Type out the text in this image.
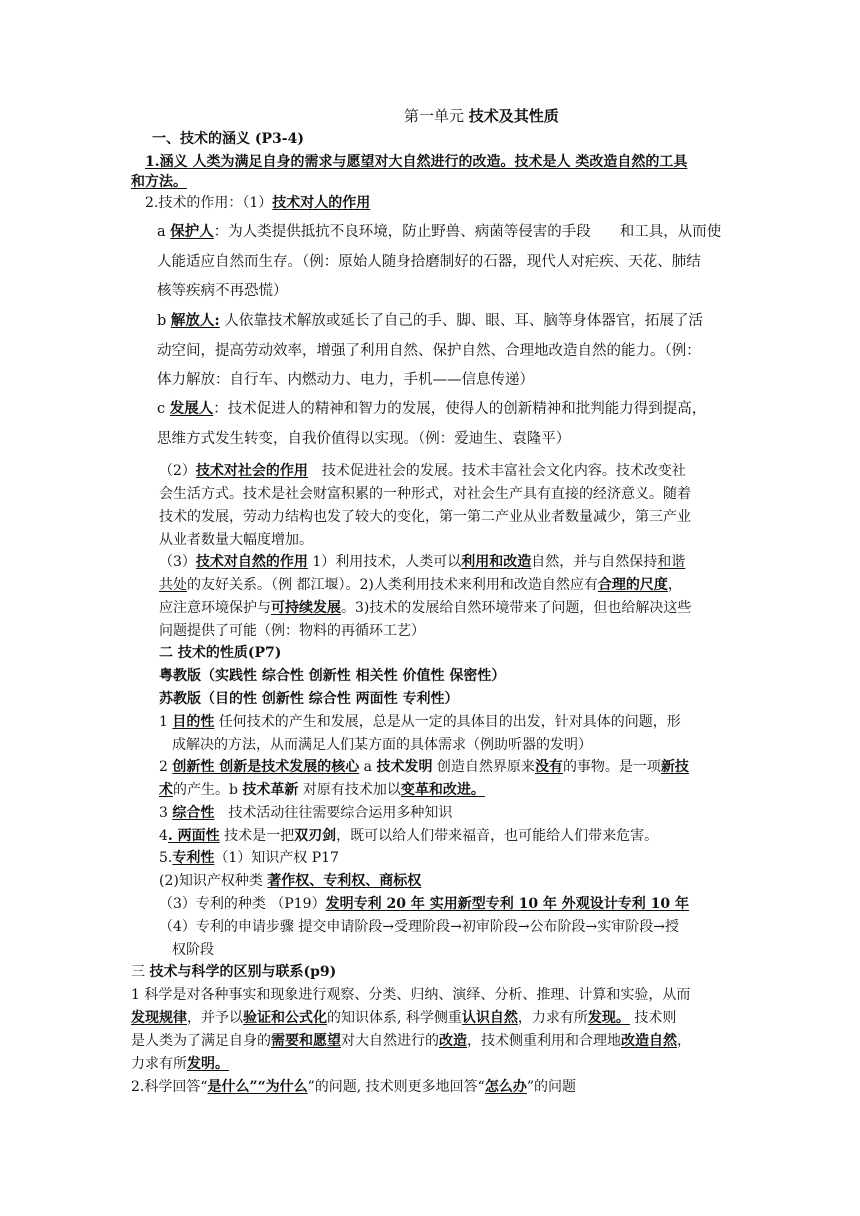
第一单元 技术及其性质
一、技术的涵义 (P3-4)
1.涵义 人类为满足自身的需求与愿望对大自然进行的改造。技术是人 类改造自然的工具
和方法。
2.技术的作用：（1）技术对人的作用
a 保护人：为人类提供抵抗不良环境，防止野兽、病菌等侵害的手段　　和工具，从而使
人能适应自然而生存。（例：原始人随身拾磨制好的石器，现代人对疟疾、天花、肺结
核等疾病不再恐慌）
b 解放人: 人依靠技术解放或延长了自己的手、脚、眼、耳、脑等身体器官，拓展了活
动空间，提高劳动效率，增强了利用自然、保护自然、合理地改造自然的能力。（例：
体力解放：自行车、内燃动力、电力，手机——信息传递）
c 发展人：技术促进人的精神和智力的发展，使得人的创新精神和批判能力得到提高，
思维方式发生转变，自我价值得以实现。（例：爱迪生、袁隆平）
（2）技术对社会的作用　技术促进社会的发展。技术丰富社会文化内容。技术改变社
会生活方式。技术是社会财富积累的一种形式，对社会生产具有直接的经济意义。随着
技术的发展，劳动力结构也发了较大的变化，第一第二产业从业者数量减少，第三产业
从业者数量大幅度增加。
（3）技术对自然的作用 1）利用技术，人类可以利用和改造自然，并与自然保持和谐
共处的友好关系。（例 都江堰）。2)人类利用技术来利用和改造自然应有合理的尺度，
应注意环境保护与可持续发展。3)技术的发展给自然环境带来了问题，但也给解决这些
问题提供了可能（例：物料的再循环工艺）
二 技术的性质(P7)
粤教版（实践性 综合性 创新性 相关性 价值性 保密性）
苏教版（目的性 创新性 综合性 两面性 专利性）
1 目的性 任何技术的产生和发展，总是从一定的具体目的出发，针对具体的问题，形
成解决的方法，从而满足人们某方面的具体需求（例助听器的发明）
2 创新性 创新是技术发展的核心 a 技术发明 创造自然界原来没有的事物。是一项新技
术的产生。b 技术革新 对原有技术加以变革和改进。
3 综合性　技术活动往往需要综合运用多种知识
4. 两面性 技术是一把双刃剑，既可以给人们带来福音，也可能给人们带来危害。
5.专利性（1）知识产权 P17
(2)知识产权种类 著作权、专利权、商标权
（3）专利的种类 （P19）发明专利 20 年 实用新型专利 10 年 外观设计专利 10 年
（4）专利的申请步骤 提交申请阶段→受理阶段→初审阶段→公布阶段→实审阶段→授
权阶段
三 技术与科学的区别与联系(p9)
1 科学是对各种事实和现象进行观察、分类、归纳、演绎、分析、推理、计算和实验，从而
发现规律，并予以验证和公式化的知识体系, 科学侧重认识自然，力求有所发现。 技术则
是人类为了满足自身的需要和愿望对大自然进行的改造，技术侧重利用和合理地改造自然，
力求有所发明。
2.科学回答“是什么”“为什么”的问题, 技术则更多地回答“怎么办”的问题
